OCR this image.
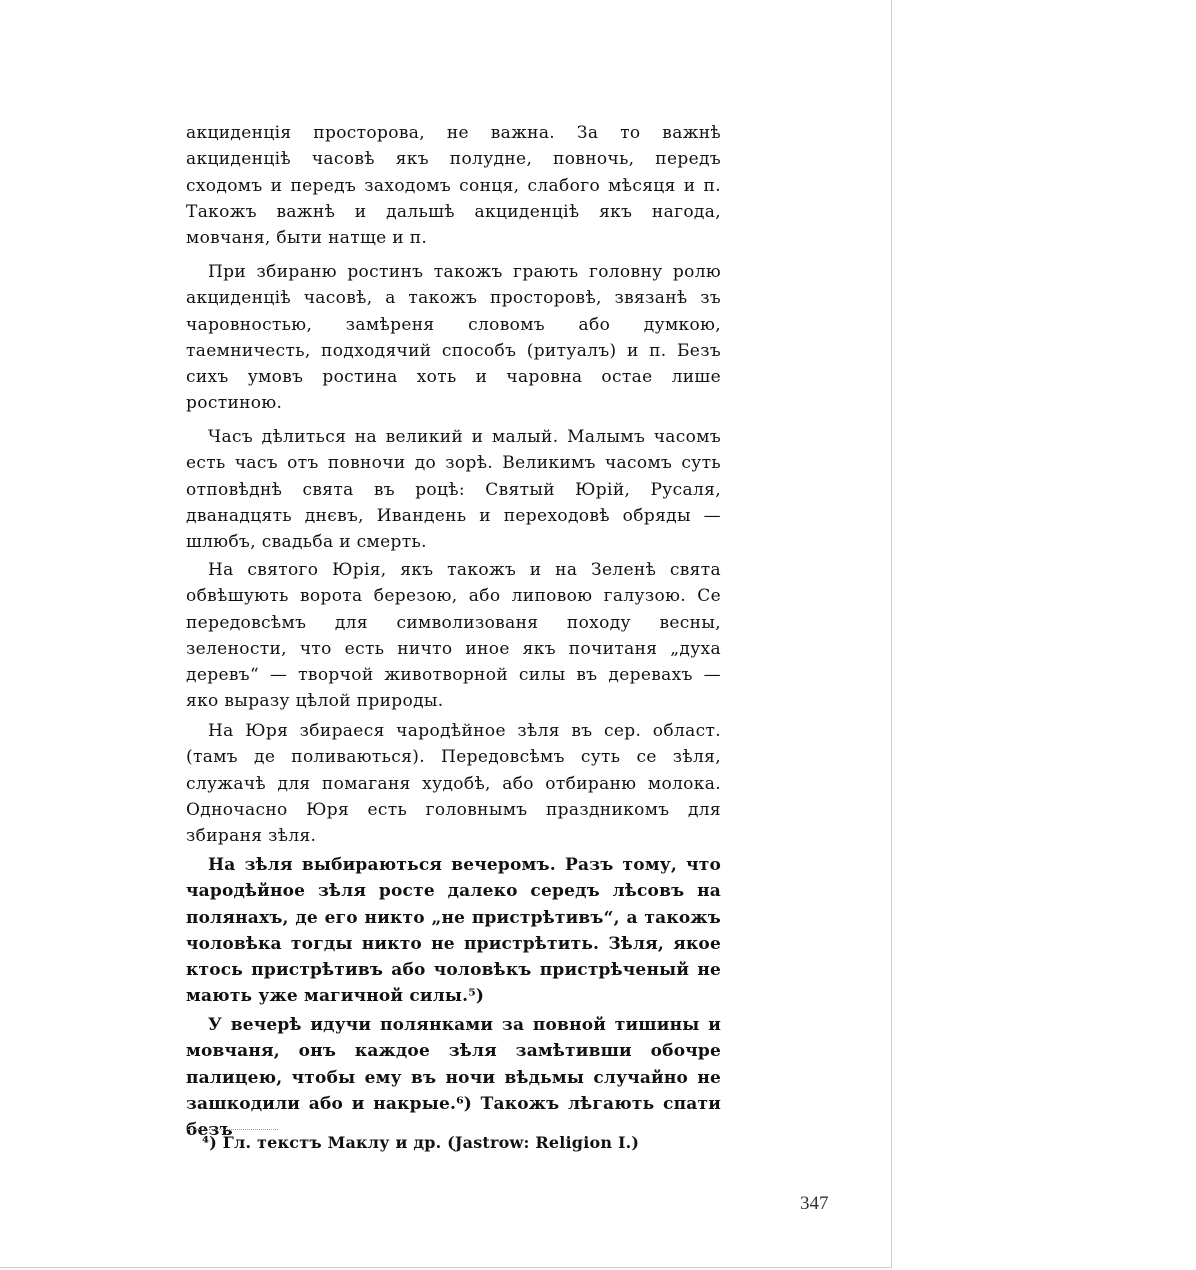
акциденція просторова, не важна. За то важнѣ акциденціѣ часовѣ якъ полудне, повночь, передъ сходомъ и передъ заходомъ сонця, слабого мѣсяця и п. Такожъ важнѣ и дальшѣ акциденціѣ якъ нагода, мовчаня, быти натще и п.

При збираню ростинъ такожъ грають головну ролю акциденціѣ часовѣ, а такожъ просторовѣ, звязанѣ зъ чаровностью, замѣреня словомъ або думкою, таемничесть, подходячий способъ (ритуалъ) и п. Безъ сихъ умовъ ростина хоть и чаровна остае лише ростиною.

Часъ дѣлиться на великий и малый. Малымъ часомъ есть часъ отъ повночи до зорѣ. Великимъ часомъ суть отповѣднѣ свята въ роцѣ: Святый Юрій, Русаля, дванадцять днєвъ, Ивандень и переходовѣ обряды — шлюбъ, свадьба и смерть.

На святого Юрія, якъ такожъ и на Зеленѣ свята обвѣшують ворота березою, або липовою галузою. Се передовсѣмъ для символизованя походу весны, зелености, что есть ничто иное якъ почитаня „духа деревъ“ — творчой животворной силы въ деревахъ — яко выразу цѣлой природы.

На Юря збираеся чародѣйное зѣля въ сер. област. (тамъ де поливаються). Передовсѣмъ суть се зѣля, служачѣ для помаганя худобѣ, або отбираню молока. Одночасно Юря есть головнымъ праздникомъ для збираня зѣля.

На зѣля выбираються вечеромъ. Разъ тому, что чародѣйное зѣля росте далеко середъ лѣсовъ на полянахъ, де его никто „не пристрѣтивъ“, а такожъ чоловѣка тогды никто не пристрѣтить. Зѣля, якое ктось пристрѣтивъ або чоловѣкъ пристрѣченый не мають уже магичной силы.⁵)

У вечерѣ идучи полянками за повной тишины и мовчаня, онъ каждое зѣля замѣтивши обочре палицею, чтобы ему въ ночи вѣдьмы случайно не зашкодили або и накрые.⁶) Такожъ лѣгають спати безъ

⁴) Гл. текстъ Маклу и др. (Jastrow: Religion I.)

347
